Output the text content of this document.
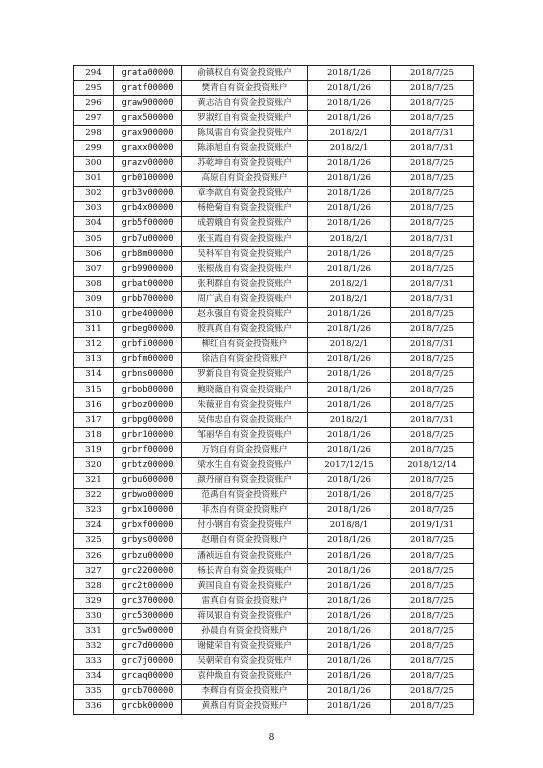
294	grata00000	俞镇权自有资金投资账户	2018/1/26	2018/7/25
295	gratf00000	樊青自有资金投资账户	2018/1/26	2018/7/25
296	graw900000	黄志洁自有资金投资账户	2018/1/26	2018/7/25
297	grax500000	罗淑红自有资金投资账户	2018/1/26	2018/7/25
298	grax900000	陈凤雷自有资金投资账户	2018/2/1	2018/7/31
299	graxx00000	陈添旭自有资金投资账户	2018/2/1	2018/7/31
300	grazv00000	苏乾坤自有资金投资账户	2018/1/26	2018/7/25
301	grb0100000	高原自有资金投资账户	2018/1/26	2018/7/25
302	grb3v00000	章李歆自有资金投资账户	2018/1/26	2018/7/25
303	grb4x00000	杨艳菊自有资金投资账户	2018/1/26	2018/7/25
304	grb5f00000	成碧娥自有资金投资账户	2018/1/26	2018/7/25
305	grb7u00000	张玉霞自有资金投资账户	2018/2/1	2018/7/31
306	grb8m00000	吴科军自有资金投资账户	2018/1/26	2018/7/25
307	grb9900000	张根战自有资金投资账户	2018/1/26	2018/7/25
308	grbat00000	张利群自有资金投资账户	2018/2/1	2018/7/31
309	grbb700000	周广武自有资金投资账户	2018/2/1	2018/7/31
310	grbe400000	赵永强自有资金投资账户	2018/1/26	2018/7/25
311	grbeg00000	殷真真自有资金投资账户	2018/1/26	2018/7/25
312	grbfi00000	柳红自有资金投资账户	2018/2/1	2018/7/31
313	grbfm00000	徐洁自有资金投资账户	2018/1/26	2018/7/25
314	grbns00000	罗新良自有资金投资账户	2018/1/26	2018/7/25
315	grbob00000	鲍晓薇自有资金投资账户	2018/1/26	2018/7/25
316	grboz00000	朱薇亚自有资金投资账户	2018/1/26	2018/7/25
317	grbpg00000	吴伟忠自有资金投资账户	2018/2/1	2018/7/31
318	grbr100000	邹丽华自有资金投资账户	2018/1/26	2018/7/25
319	grbrf00000	万钧自有资金投资账户	2018/1/26	2018/7/25
320	grbtz00000	梁水生自有资金投资账户	2017/12/15	2018/12/14
321	grbu600000	颜丹丽自有资金投资账户	2018/1/26	2018/7/25
322	grbwo00000	范禹自有资金投资账户	2018/1/26	2018/7/25
323	grbx100000	菲杰自有资金投资账户	2018/1/26	2018/7/25
324	grbxf00000	付小钢自有资金投资账户	2018/8/1	2019/1/31
325	grbys00000	赵珊自有资金投资账户	2018/1/26	2018/7/25
326	grbzu00000	潘祯远自有资金投资账户	2018/1/26	2018/7/25
327	grc2200000	杨长青自有资金投资账户	2018/1/26	2018/7/25
328	grc2t00000	黄国良自有资金投资账户	2018/1/26	2018/7/25
329	grc3700000	雷真自有资金投资账户	2018/1/26	2018/7/25
330	grc5300000	蒋凤银自有资金投资账户	2018/1/26	2018/7/25
331	grc5w00000	孙晨自有资金投资账户	2018/1/26	2018/7/25
332	grc7d00000	谢健荣自有资金投资账户	2018/1/26	2018/7/25
333	grc7j00000	吴朝荣自有资金投资账户	2018/1/26	2018/7/25
334	grcaq00000	袁仲焕自有资金投资账户	2018/1/26	2018/7/25
335	grcb700000	李辉自有资金投资账户	2018/1/26	2018/7/25
336	grcbk00000	黄燕自有资金投资账户	2018/1/26	2018/7/25
8
